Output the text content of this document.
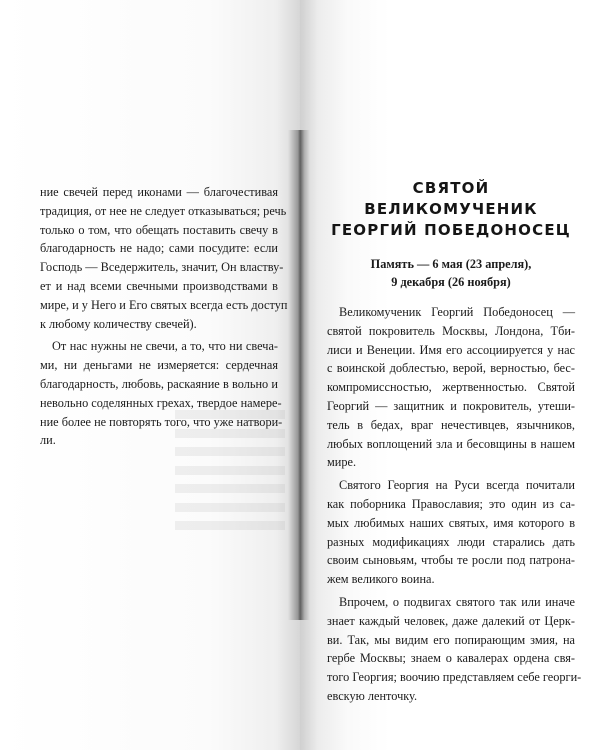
ние свечей перед иконами — благочестивая
традиция, от нее не следует отказываться; речь
только о том, что обещать поставить свечу в
благодарность не надо; сами посудите: если
Господь — Вседержитель, значит, Он властву-
ет и над всеми свечными производствами в
мире, и у Него и Его святых всегда есть доступ
к любому количеству свечей).
От нас нужны не свечи, а то, что ни свеча-
ми, ни деньгами не измеряется: сердечная
благодарность, любовь, раскаяние в вольно и
невольно соделянных грехах, твердое намере-
ние более не повторять того, что уже натвори-
ли.
СВЯТОЙ ВЕЛИКОМУЧЕНИК
ГЕОРГИЙ ПОБЕДОНОСЕЦ
Память — 6 мая (23 апреля),
9 декабря (26 ноября)
Великомученик Георгий Победоносец —
святой покровитель Москвы, Лондона, Тби-
лиси и Венеции. Имя его ассоциируется у нас
с воинской доблестью, верой, верностью, бес-
компромиссностью, жертвенностью. Святой
Георгий — защитник и покровитель, утеши-
тель в бедах, враг нечестивцев, язычников,
любых воплощений зла и бесовщины в нашем
мире.
Святого Георгия на Руси всегда почитали
как поборника Православия; это один из са-
мых любимых наших святых, имя которого в
разных модификациях люди старались дать
своим сыновьям, чтобы те росли под патрона-
жем великого воина.
Впрочем, о подвигах святого так или иначе
знает каждый человек, даже далекий от Церк-
ви. Так, мы видим его попирающим змия, на
гербе Москвы; знаем о кавалерах ордена свя-
того Георгия; воочию представляем себе георги-
евскую ленточку.
